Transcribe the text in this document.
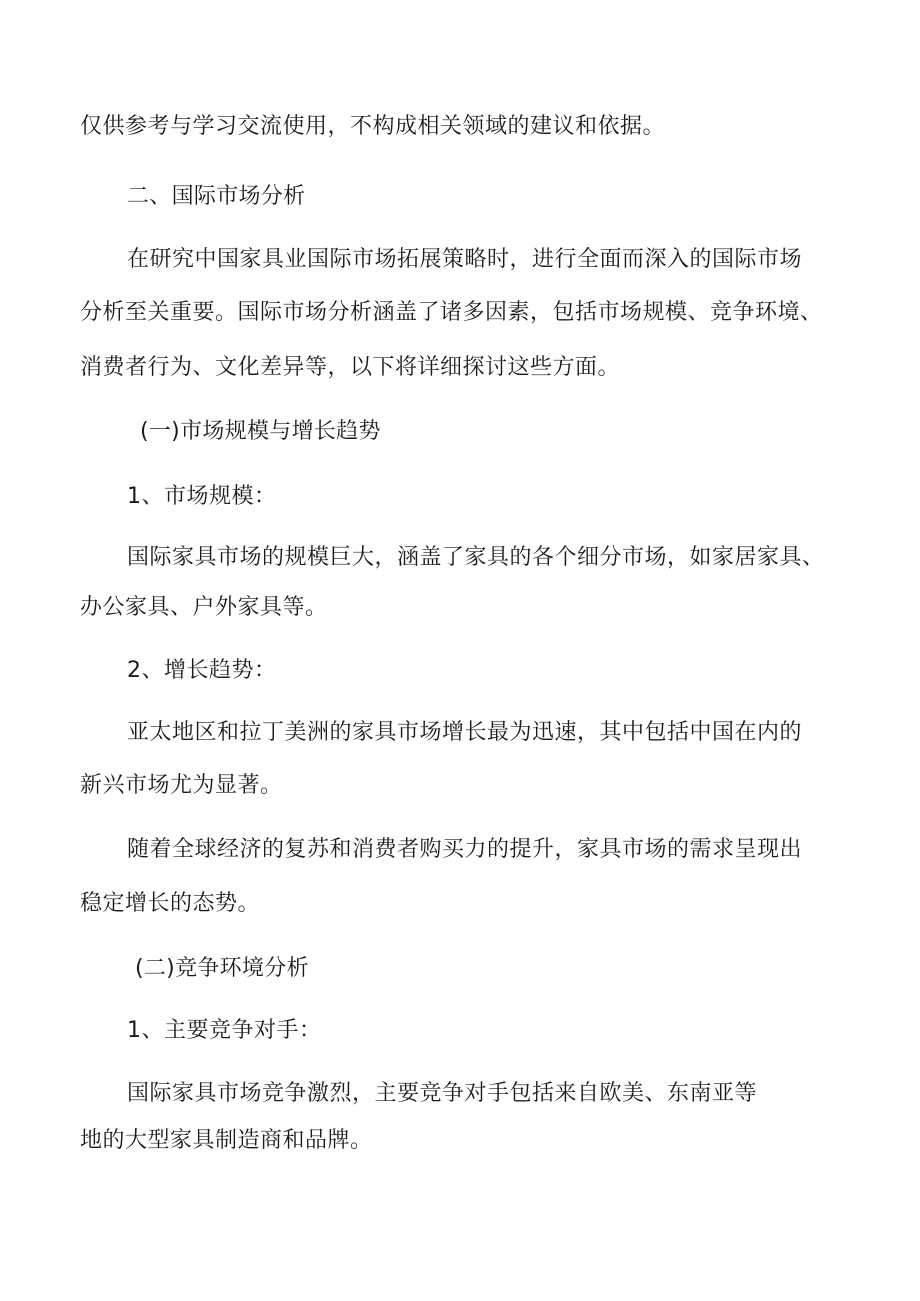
仅供参考与学习交流使用，不构成相关领域的建议和依据。
二、国际市场分析
在研究中国家具业国际市场拓展策略时，进行全面而深入的国际市场
分析至关重要。国际市场分析涵盖了诸多因素，包括市场规模、竞争环境、
消费者行为、文化差异等，以下将详细探讨这些方面。
(一)市场规模与增长趋势
1、市场规模：
国际家具市场的规模巨大，涵盖了家具的各个细分市场，如家居家具、
办公家具、户外家具等。
2、增长趋势：
亚太地区和拉丁美洲的家具市场增长最为迅速，其中包括中国在内的
新兴市场尤为显著。
随着全球经济的复苏和消费者购买力的提升，家具市场的需求呈现出
稳定增长的态势。
(二)竞争环境分析
1、主要竞争对手：
国际家具市场竞争激烈，主要竞争对手包括来自欧美、东南亚等
地的大型家具制造商和品牌。
